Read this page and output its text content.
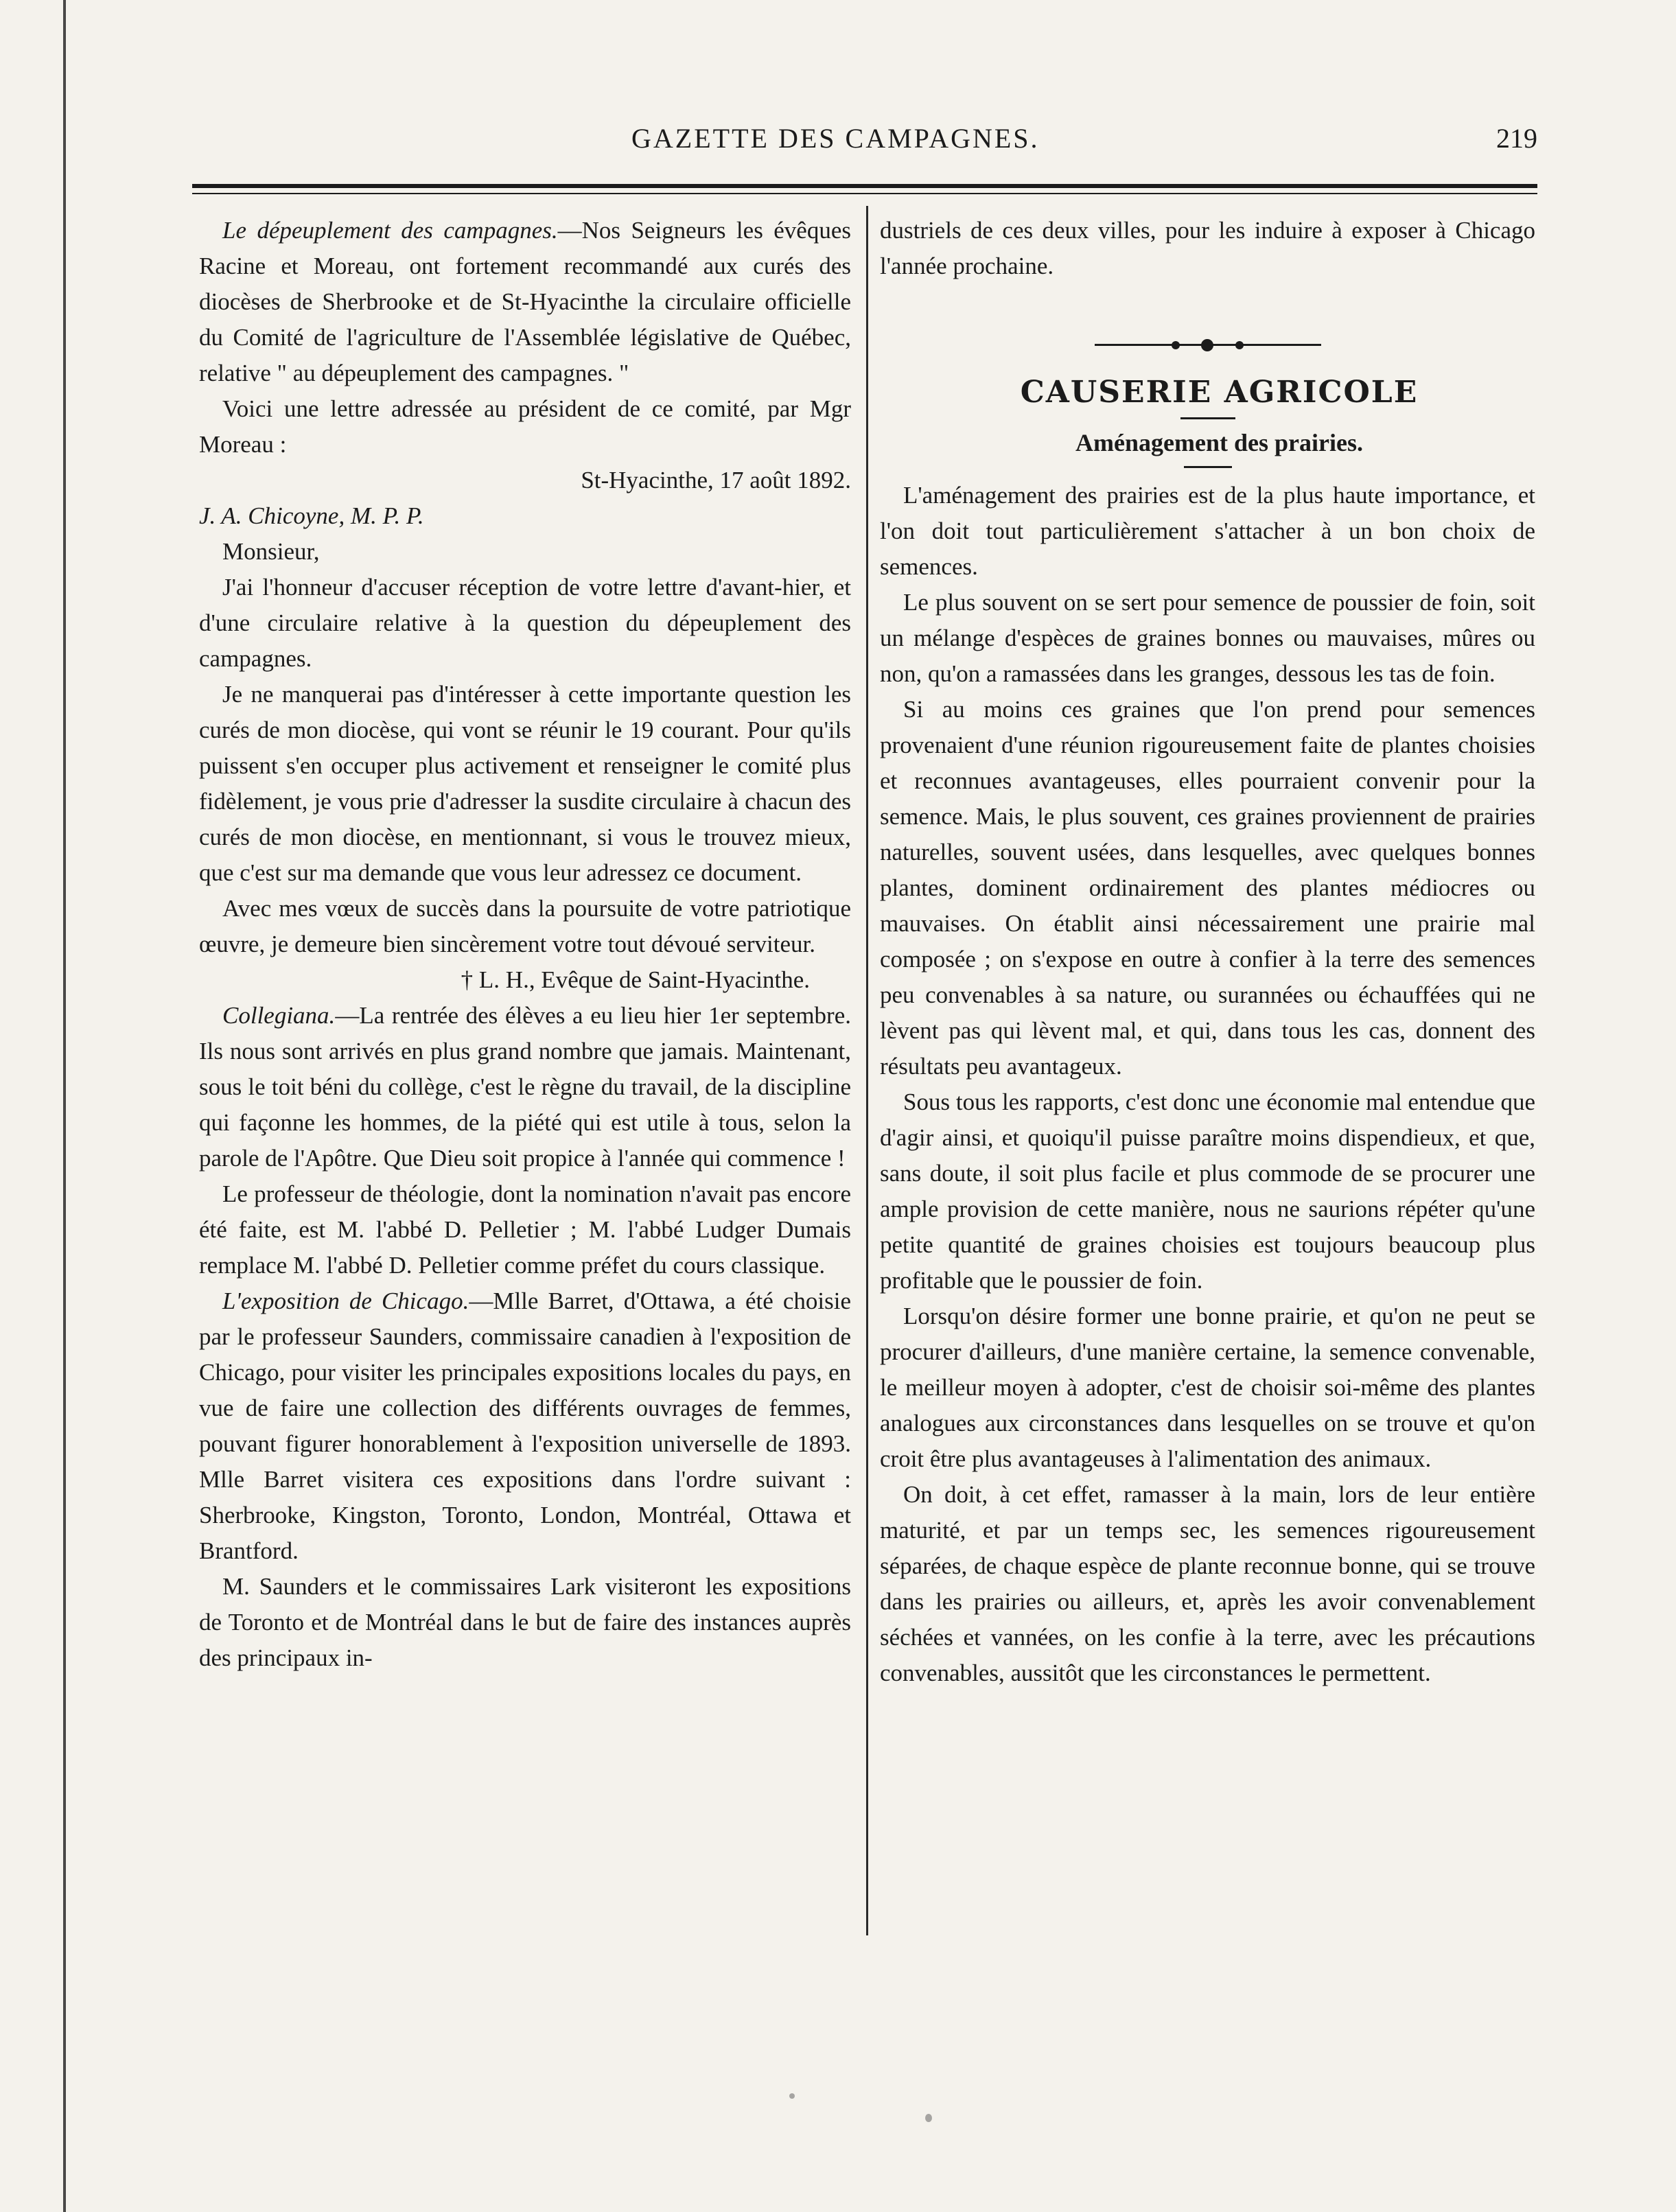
GAZETTE DES CAMPAGNES.	219

Le dépeuplement des campagnes.—Nos Seigneurs les évêques Racine et Moreau, ont fortement recommandé aux curés des diocèses de Sherbrooke et de St-Hyacinthe la circulaire officielle du Comité de l'agriculture de l'Assemblée législative de Québec, relative " au dépeuplement des campagnes. "

Voici une lettre adressée au président de ce comité, par Mgr Moreau :

St-Hyacinthe, 17 août 1892.

J. A. Chicoyne, M. P. P.

Monsieur,

J'ai l'honneur d'accuser réception de votre lettre d'avant-hier, et d'une circulaire relative à la question du dépeuplement des campagnes.

Je ne manquerai pas d'intéresser à cette importante question les curés de mon diocèse, qui vont se réunir le 19 courant. Pour qu'ils puissent s'en occuper plus activement et renseigner le comité plus fidèlement, je vous prie d'adresser la susdite circulaire à chacun des curés de mon diocèse, en mentionnant, si vous le trouvez mieux, que c'est sur ma demande que vous leur adressez ce document.

Avec mes vœux de succès dans la poursuite de votre patriotique œuvre, je demeure bien sincèrement votre tout dévoué serviteur.

† L. H., Evêque de Saint-Hyacinthe.

Collegiana.—La rentrée des élèves a eu lieu hier 1er septembre. Ils nous sont arrivés en plus grand nombre que jamais. Maintenant, sous le toit béni du collège, c'est le règne du travail, de la discipline qui façonne les hommes, de la piété qui est utile à tous, selon la parole de l'Apôtre. Que Dieu soit propice à l'année qui commence !

Le professeur de théologie, dont la nomination n'avait pas encore été faite, est M. l'abbé D. Pelletier ; M. l'abbé Ludger Dumais remplace M. l'abbé D. Pelletier comme préfet du cours classique.

L'exposition de Chicago.—Mlle Barret, d'Ottawa, a été choisie par le professeur Saunders, commissaire canadien à l'exposition de Chicago, pour visiter les principales expositions locales du pays, en vue de faire une collection des différents ouvrages de femmes, pouvant figurer honorablement à l'exposition universelle de 1893. Mlle Barret visitera ces expositions dans l'ordre suivant : Sherbrooke, Kingston, Toronto, London, Montréal, Ottawa et Brantford.

M. Saunders et le commissaires Lark visiteront les expositions de Toronto et de Montréal dans le but de faire des instances auprès des principaux in-

dustriels de ces deux villes, pour les induire à exposer à Chicago l'année prochaine.

CAUSERIE AGRICOLE

Aménagement des prairies.

L'aménagement des prairies est de la plus haute importance, et l'on doit tout particulièrement s'attacher à un bon choix de semences.

Le plus souvent on se sert pour semence de poussier de foin, soit un mélange d'espèces de graines bonnes ou mauvaises, mûres ou non, qu'on a ramassées dans les granges, dessous les tas de foin.

Si au moins ces graines que l'on prend pour semences provenaient d'une réunion rigoureusement faite de plantes choisies et reconnues avantageuses, elles pourraient convenir pour la semence. Mais, le plus souvent, ces graines proviennent de prairies naturelles, souvent usées, dans lesquelles, avec quelques bonnes plantes, dominent ordinairement des plantes médiocres ou mauvaises. On établit ainsi nécessairement une prairie mal composée ; on s'expose en outre à confier à la terre des semences peu convenables à sa nature, ou surannées ou échauffées qui ne lèvent pas qui lèvent mal, et qui, dans tous les cas, donnent des résultats peu avantageux.

Sous tous les rapports, c'est donc une économie mal entendue que d'agir ainsi, et quoiqu'il puisse paraître moins dispendieux, et que, sans doute, il soit plus facile et plus commode de se procurer une ample provision de cette manière, nous ne saurions répéter qu'une petite quantité de graines choisies est toujours beaucoup plus profitable que le poussier de foin.

Lorsqu'on désire former une bonne prairie, et qu'on ne peut se procurer d'ailleurs, d'une manière certaine, la semence convenable, le meilleur moyen à adopter, c'est de choisir soi-même des plantes analogues aux circonstances dans lesquelles on se trouve et qu'on croit être plus avantageuses à l'alimentation des animaux.

On doit, à cet effet, ramasser à la main, lors de leur entière maturité, et par un temps sec, les semences rigoureusement séparées, de chaque espèce de plante reconnue bonne, qui se trouve dans les prairies ou ailleurs, et, après les avoir convenablement séchées et vannées, on les confie à la terre, avec les précautions convenables, aussitôt que les circonstances le permettent.
